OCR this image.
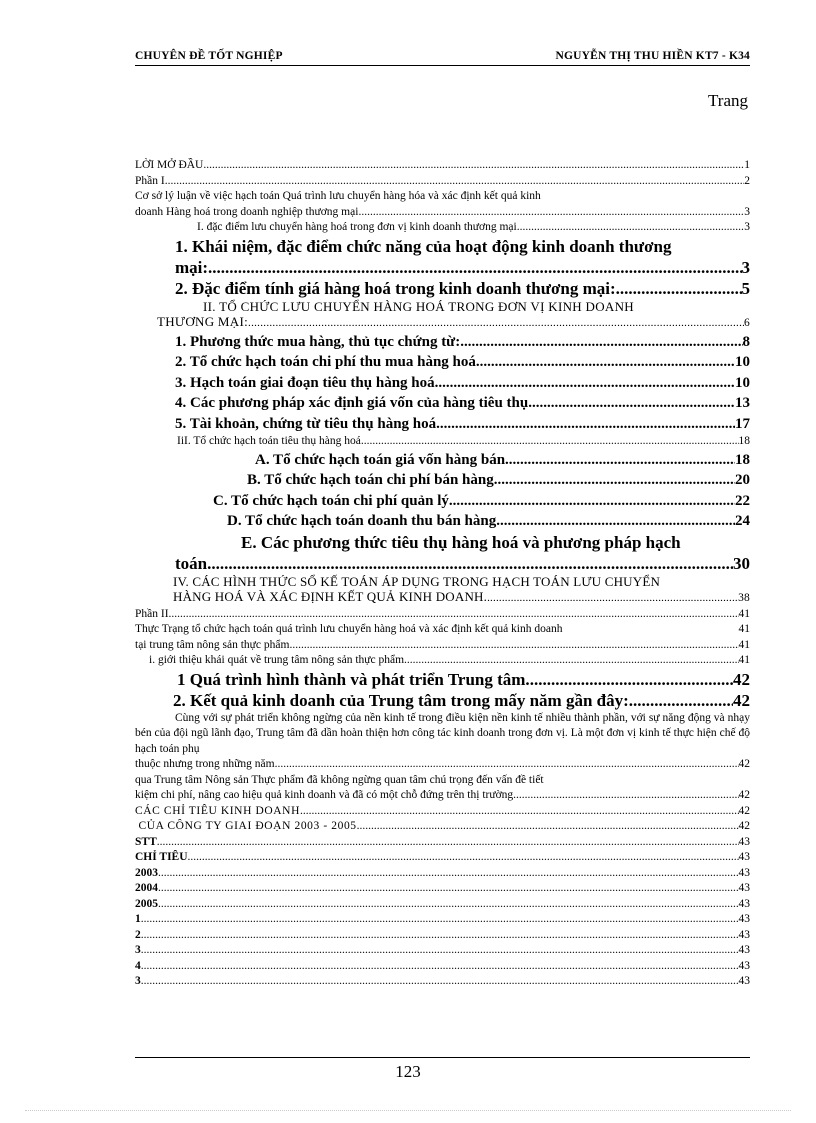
CHUYÊN ĐỀ TỐT NGHIỆP	NGUYỄN THỊ THU HIỀN KT7 - K34
Trang
LỜI MỞ ĐẦU .....	1
Phần I .....	2
Cơ sở lý luận về việc hạch toán Quá trình lưu chuyển hàng hóa và xác định kết quả kinh
doanh Hàng hoá trong doanh nghiệp thương mại .....	3
I. đặc điểm lưu chuyển hàng hoá trong đơn vị kinh doanh thương mại. .....	3
1. Khái niệm, đặc điểm chức năng của hoạt động kinh doanh thương
mại: .....	3
2. Đặc điểm tính giá hàng hoá trong kinh doanh thương mại: .....	5
II. TỔ CHỨC LƯU CHUYỂN HÀNG HOÁ TRONG ĐƠN VỊ KINH DOANH
THƯƠNG MẠI: .....	6
1. Phương thức mua hàng, thủ tục chứng từ: .....	8
2. Tổ chức hạch toán chi phí thu mua hàng hoá. .....	10
3. Hạch toán giai đoạn tiêu thụ hàng hoá. .....	10
4. Các phương pháp xác định giá vốn của hàng tiêu thụ. .....	13
5. Tài khoản, chứng từ tiêu thụ hàng hoá. .....	17
IiI. Tổ chức hạch toán tiêu thụ hàng hoá. .....	18
A. Tổ chức hạch toán giá vốn hàng bán. .....	18
B. Tổ chức hạch toán chi phí bán hàng. .....	20
C. Tổ chức hạch toán chi phí quản lý. .....	22
D. Tổ chức hạch toán doanh thu bán hàng. .....	24
E. Các phương thức tiêu thụ hàng hoá và phương pháp hạch
toán. .....	30
IV. CÁC HÌNH THỨC SỔ KẾ TOÁN ÁP DỤNG TRONG HẠCH TOÁN LƯU CHUYỂN
HÀNG HOÁ VÀ XÁC ĐỊNH KẾT QUẢ KINH DOANH. .....	38
Phần II .....	41
Thực Trạng tổ chức hạch toán quá trình lưu chuyển hàng hoá và xác định kết quả kinh doanh	41
tại trung tâm nông sản thực phẩm .....	41
i. giới thiệu khái quát về trung tâm nông sản thực phẩm. .....	41
1 Quá trình hình thành và phát triển Trung tâm. .....	42
2. Kết quả kinh doanh của Trung tâm trong mấy năm gần đây: .....	42
Cùng với sự phát triển không ngừng của nền kinh tế trong điều kiện nền kinh tế nhiều thành phần, với sự năng động và nhạy bén của đội ngũ lãnh đạo, Trung tâm đã dần hoàn thiện hơn công tác kinh doanh trong đơn vị. Là một đơn vị kinh tế thực hiện chế độ hạch toán phụ
thuộc nhưng trong những năm .....	42
qua Trung tâm Nông sản Thực phẩm đã không ngừng quan tâm chú trọng đến vấn đề tiết
kiệm chi phí, nâng cao hiệu quả kinh doanh và đã có một chỗ đứng trên thị trường. .....	42
CÁC CHỈ TIÊU KINH DOANH .....	42
CỦA CÔNG TY GIAI ĐOẠN 2003 - 2005 .....	42
STT .....	43
CHỈ TIÊU .....	43
2003 .....	43
2004 .....	43
2005 .....	43
1 .....	43
2 .....	43
3 .....	43
4 .....	43
3 .....	43
123
